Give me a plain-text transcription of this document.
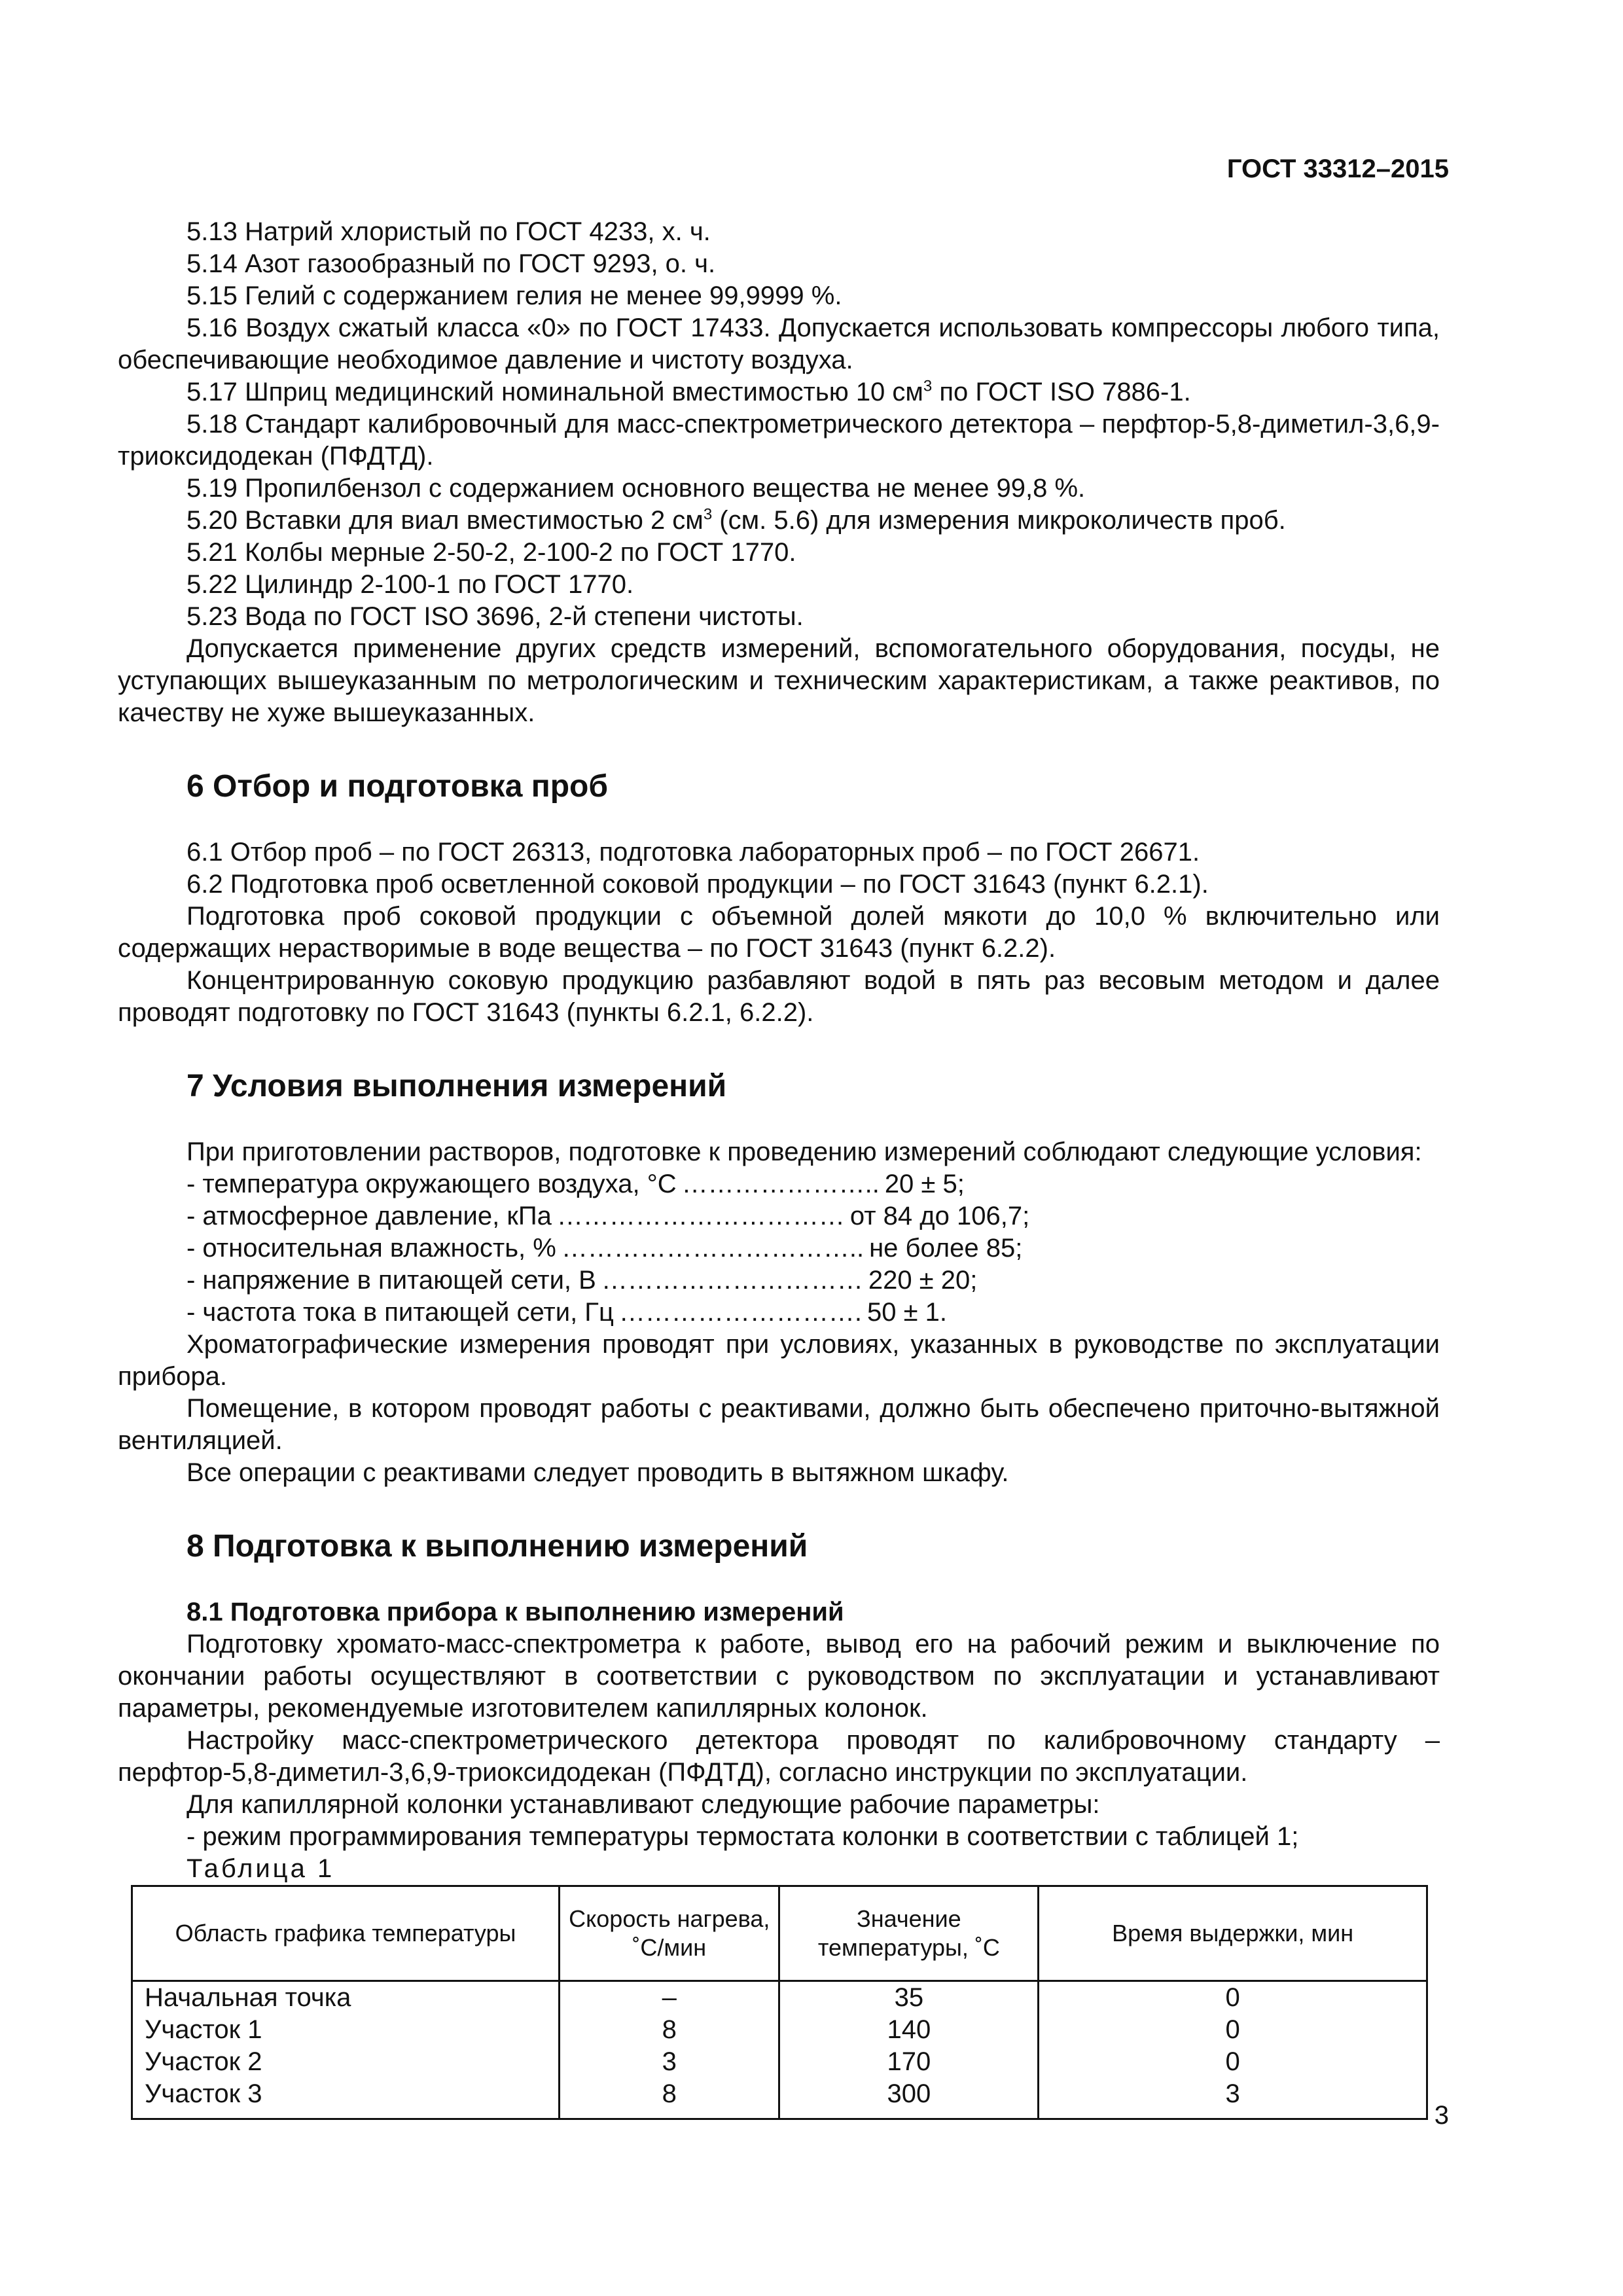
ГОСТ 33312–2015

5.13 Натрий хлористый по ГОСТ 4233, х. ч.

5.14 Азот газообразный по ГОСТ 9293, о. ч.

5.15 Гелий с содержанием гелия не менее 99,9999 %.

5.16 Воздух сжатый класса «0» по ГОСТ 17433. Допускается использовать компрессоры любого типа, обеспечивающие необходимое давление и чистоту воздуха.

5.17 Шприц медицинский номинальной вместимостью 10 $см^3$ по ГОСТ ISO 7886-1.

5.18 Стандарт калибровочный для масс-спектрометрического детектора – перфтор-5,8-диметил-3,6,9-триоксидодекан (ПФДТД).

5.19 Пропилбензол с содержанием основного вещества не менее 99,8 %.

5.20 Вставки для виал вместимостью 2 $см^3$ (см. 5.6) для измерения микроколичеств проб.

5.21 Колбы мерные 2-50-2, 2-100-2 по ГОСТ 1770.

5.22 Цилиндр 2-100-1 по ГОСТ 1770.

5.23 Вода по ГОСТ ISO 3696, 2-й степени чистоты.

Допускается применение других средств измерений, вспомогательного оборудования, посуды, не уступающих вышеуказанным по метрологическим и техническим характеристикам, а также реактивов, по качеству не хуже вышеуказанных.

6 Отбор и подготовка проб

6.1 Отбор проб – по ГОСТ 26313, подготовка лабораторных проб – по ГОСТ 26671.

6.2 Подготовка проб осветленной соковой продукции – по ГОСТ 31643 (пункт 6.2.1).

Подготовка проб соковой продукции с объемной долей мякоти до 10,0 % включительно или содержащих нерастворимые в воде вещества – по ГОСТ 31643 (пункт 6.2.2).

Концентрированную соковую продукцию разбавляют водой в пять раз весовым методом и далее проводят подготовку по ГОСТ 31643 (пункты 6.2.1, 6.2.2).

7 Условия выполнения измерений

При приготовлении растворов, подготовке к проведению измерений соблюдают следующие условия:

- температура окружающего воздуха, °С ………………….. 20 ± 5;

- атмосферное давление, кПа …………………………… от 84 до 106,7;

- относительная влажность, % …………………………….. не более 85;

- напряжение в питающей сети, В ………………………… 220 ± 20;

- частота тока в питающей сети, Гц ………………………. 50 ± 1.

Хроматографические измерения проводят при условиях, указанных в руководстве по эксплуатации прибора.

Помещение, в котором проводят работы с реактивами, должно быть обеспечено приточно-вытяжной вентиляцией.

Все операции с реактивами следует проводить в вытяжном шкафу.

8 Подготовка к выполнению измерений

8.1 Подготовка прибора к выполнению измерений

Подготовку хромато-масс-спектрометра к работе, вывод его на рабочий режим и выключение по окончании работы осуществляют в соответствии с руководством по эксплуатации и устанавливают параметры, рекомендуемые изготовителем капиллярных колонок.

Настройку масс-спектрометрического детектора проводят по калибровочному стандарту – перфтор-5,8-диметил-3,6,9-триоксидодекан (ПФДТД), согласно инструкции по эксплуатации.

Для капиллярной колонки устанавливают следующие рабочие параметры:

- режим программирования температуры термостата колонки в соответствии с таблицей 1;

Таблица 1

Область графика температуры	Скорость нагрева, ˚С/мин	Значение температуры, ˚С	Время выдержки, мин
Начальная точка	–	35	0
Участок 1	8	140	0
Участок 2	3	170	0
Участок 3	8	300	3
3
